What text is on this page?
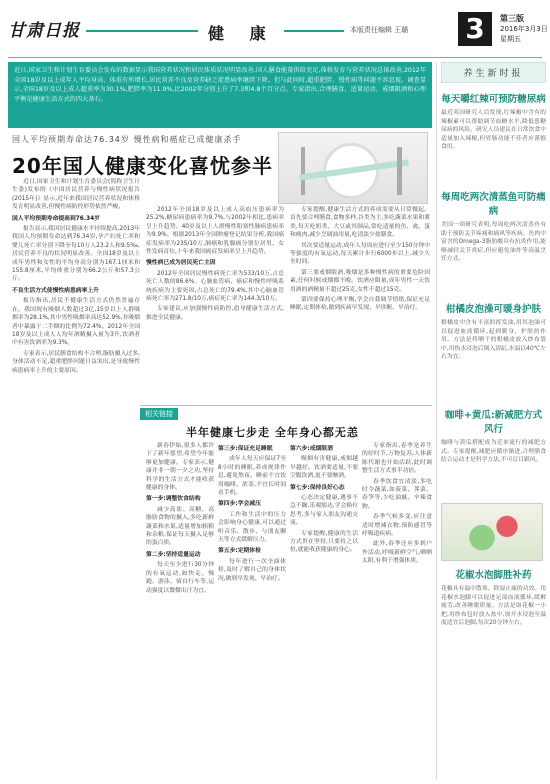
甘肃日报	健 康	本版责任编辑 王璐 3	第三版
2016年3月3日
星期五
近日,国家卫生和计划生育委员会发布的数据显示我国营养状况和居民体质状况明显改善,国人膳食能量供给充足,体格发育与营养状况总体改善,2012年全国18岁及以上成年人平均身高、体重有所增长,居民营养不良及营养缺乏症患病率继续下降。但与此同时,超重肥胖、慢性病等问题不容忽视。调查显示,全国18岁及以上成人超重率为30.1%,肥胖率为11.9%,比2002年分别上升了7.3和4.8个百分点。专家指出,合理膳食、适量运动、戒烟限酒和心理平衡是健康生活方式的四大基石。
国人平均预期寿命达76.34岁 慢性病和癌症已成健康杀手
20年国人健康变化喜忧参半

近日,国家卫生和计划生育委员会(简称卫生计生委)发布的《中国居民营养与慢性病状况报告(2015年)》显示,近年来我国居民营养状况和体格发育明显改善,但慢性病防控形势依然严峻。

国人平均预期寿命提高到76.34岁

报告显示,我国居民健康水平持续提高,2013年我国人均预期寿命达到76.34岁,孕产妇死亡率和婴儿死亡率分别下降至每10万人23.2人和9.5‰,居民营养不良的状况明显改善。全国18岁及以上成年男性和女性的平均身高分别为167.1厘米和155.8厘米,平均体重分别为66.2公斤和57.3公斤。

不良生活方式使慢性病患病率上升

报告指出,居民不健康生活方式仍然普遍存在。我国现有吸烟人数超过3亿,15岁以上人群吸烟率为28.1%,其中男性吸烟率高达52.9%,非吸烟者中暴露于二手烟的比例为72.4%。2012年全国18岁及以上成人人均年酒精摄入量为3升,饮酒者中有害饮酒率为9.3%。

专家表示,居民膳食结构不合理,脂肪摄入过多,身体活动不足,超重肥胖问题日益突出,是导致慢性病患病率上升的主要原因。

2012年全国18岁及以上成人高血压患病率为25.2%,糖尿病患病率为9.7%,与2002年相比,患病率呈上升趋势。40岁及以上人群慢性阻塞性肺病患病率为9.9%。根据2013年全国肿瘤登记结果分析,我国癌症发病率为235/10万,肺癌和乳腺癌分别位居男、女性发病首位,十年来我国癌症发病率呈上升趋势。

慢性病已成为居民死亡主因

2012年全国居民慢性病死亡率为533/10万,占总死亡人数的86.6%。心脑血管病、癌症和慢性呼吸系统疾病为主要死因,占总死亡的79.4%,其中心脑血管病死亡率为271.8/10万,癌症死亡率为144.3/10万。

专家建议,应加强慢性病防控,倡导健康生活方式,推进全民健康。

专家提醒,健康生活方式的养成需要从日常做起。首先要合理膳食,食物多样,谷类为主,多吃蔬菜水果和薯类,每天吃奶类、大豆或其制品,常吃适量的鱼、禽、蛋和瘦肉,减少烹调油用量,吃清淡少盐膳食。

其次要适量运动,成年人每周应进行至少150分钟中等强度的有氧运动,每天累计步行6000步以上,减少久坐时间。

第三要戒烟限酒,吸烟是多种慢性病的重要危险因素,任何时候戒烟都不晚。饮酒应限量,成年男性一天饮用酒的酒精量不超过25克,女性不超过15克。

第四要保持心理平衡,学会自我调节情绪,保证充足睡眠,定期体检,做到疾病早发现、早诊断、早治疗。

相关链接
半年健康七步走 全年身心都无恙

新春伊始,很多人都许下了新年愿望,希望今年能够更加健康。专家表示,健康并非一朝一夕之功,坚持科学的生活方式才能收获健康的身体。

第一步:调整饮食结构

减少高盐、高糖、高脂肪食物的摄入,多吃新鲜蔬菜和水果,适量增加粗粮和杂粮,保证每天摄入足够的蛋白质。

第二步:坚持适量运动

每天至少进行30分钟的有氧运动,如快走、慢跑、游泳、骑自行车等,运动强度以微微出汗为宜。

第三步:保证充足睡眠

成年人每天应保证7至8小时的睡眠,养成规律作息,避免熬夜。睡前不宜饮用咖啡、浓茶,不宜长时间看手机。

第四步:学会减压

工作和生活中的压力会影响身心健康,可以通过听音乐、散步、与朋友聊天等方式缓解压力。

第五步:定期体检

每年进行一次全面体检,及时了解自己的身体状况,做到早发现、早治疗。

第六步:戒烟限酒

吸烟有害健康,戒烟越早越好。饮酒要适量,不要空腹饮酒,更不要酗酒。

第七步:保持良好心态

心态决定健康,遇事不急不躁,乐观豁达,学会换位思考,多与家人朋友沟通交流。

专家提醒,健康的生活方式贵在坚持,只要持之以恒,就能收获健康的身心。

专家指出,春季是养生的好时节,万物复苏,人体新陈代谢也开始活跃,此时调整生活方式事半功倍。

春季饮食宜清淡,多吃时令蔬菜,如菠菜、荠菜、春笋等,少吃油腻、辛辣食物。

春季气候多变,应注意适时增减衣物,预防感冒等呼吸道疾病。

此外,春季还应多到户外活动,呼吸新鲜空气,晒晒太阳,有利于增强体质。

养生新时报
每天嚼红辣可预防糖尿病
最近英国研究人员发现,红辣椒中含有的辣椒素可以帮助调节血糖水平,降低患糖尿病的风险。研究人员建议在日常饮食中适量加入辣椒,但胃肠功能不佳者应谨慎食用。
每周吃两次清蒸鱼可防痛病
美国一项研究表明,每周吃两次清蒸鱼有助于预防关节疼痛和痛风等疾病。鱼肉中富含的Omega-3脂肪酸具有抗炎作用,能够减轻关节炎症,但应避免油炸等高温烹饪方式。
柑橘皮泡澡可暖身护肤
柑橘皮中含有丰富的挥发油,用其泡澡可以促进血液循环,起到暖身、护肤的作用。方法是将晒干的柑橘皮放入纱布袋中,用热水浸泡后倒入浴缸,水温以40℃左右为宜。
咖啡+黄瓜:新减肥方式风行
咖啡与黄瓜搭配成为近来流行的减肥方式。专家提醒,减肥应循序渐进,合理膳食结合运动才是科学方法,不可盲目跟风。
花椒水泡脚胜补药
花椒具有温中散寒、除湿止痛的功效。用花椒水泡脚可以促进足部血液循环,缓解疲劳,改善睡眠质量。方法是取花椒一小把,用纱布包好放入盆中,加开水浸泡至温度适宜后泡脚,每次20分钟左右。
